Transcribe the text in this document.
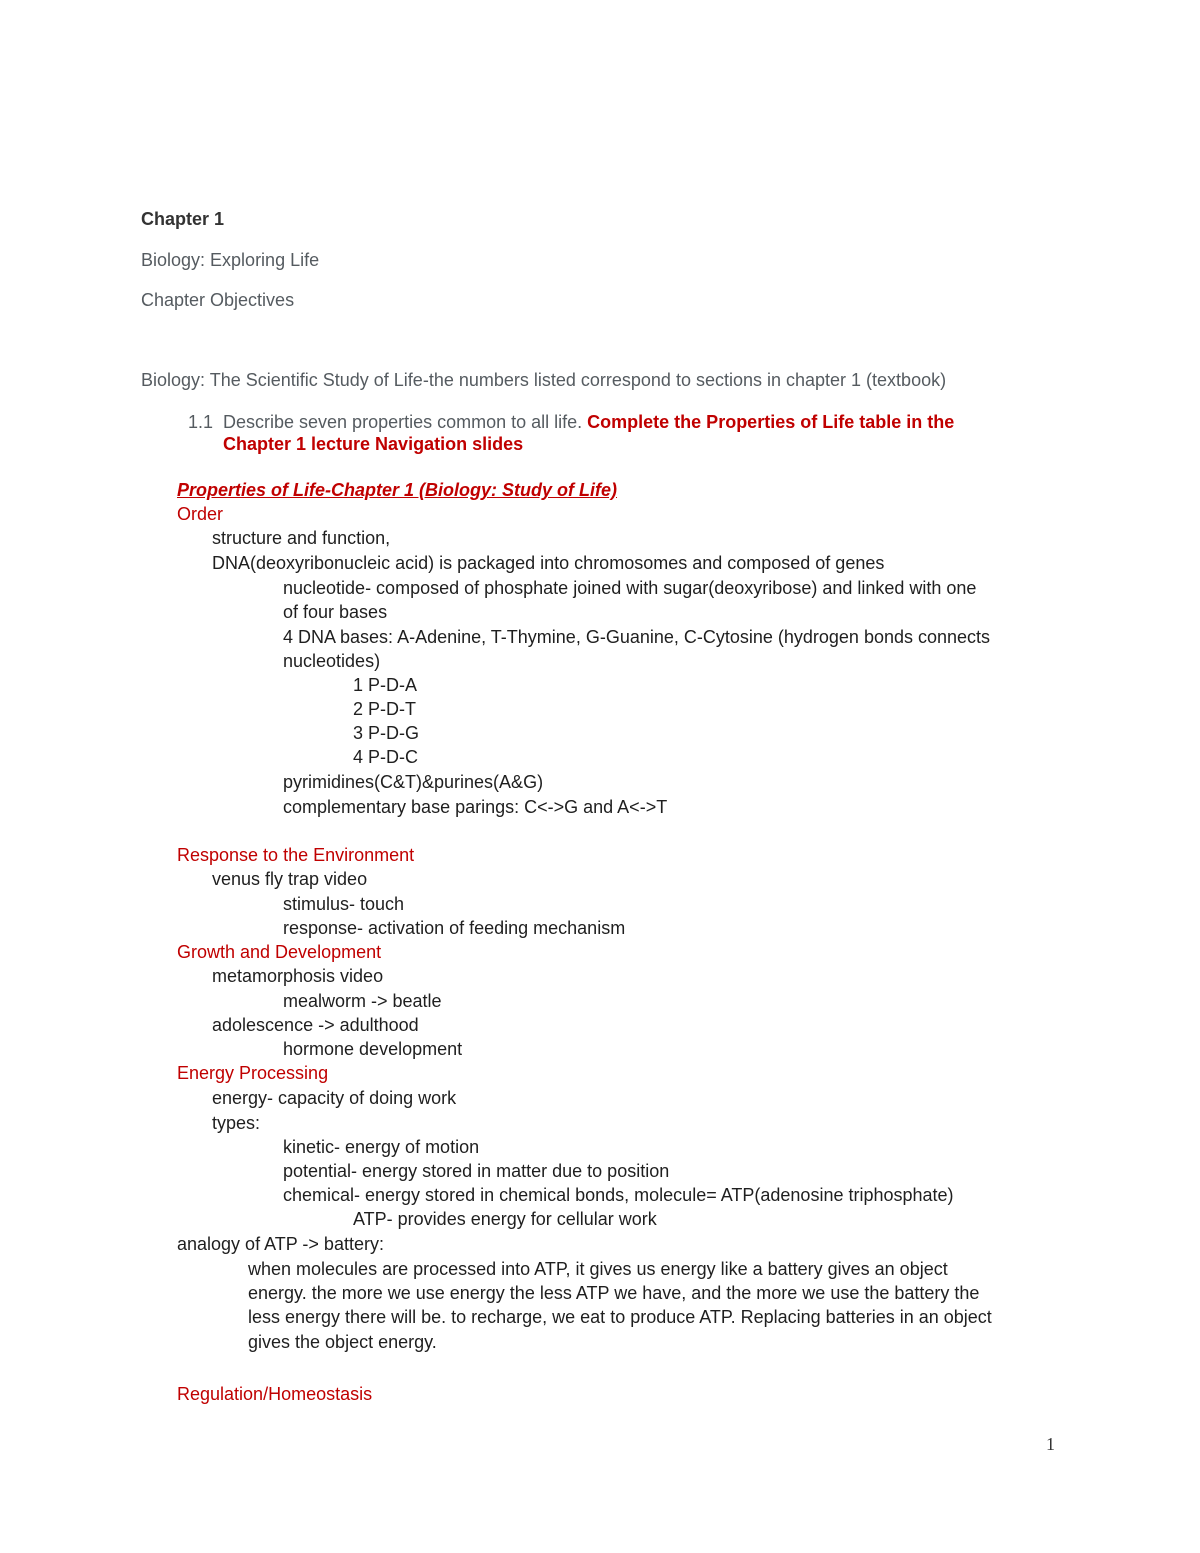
Chapter 1
Biology: Exploring Life
Chapter Objectives
Biology: The Scientific Study of Life-the numbers listed correspond to sections in chapter 1 (textbook)
1.1 Describe seven properties common to all life. Complete the Properties of Life table in the
Chapter 1 lecture Navigation slides
Properties of Life-Chapter 1 (Biology: Study of Life)
Order
structure and function,
DNA(deoxyribonucleic acid) is packaged into chromosomes and composed of genes
nucleotide- composed of phosphate joined with sugar(deoxyribose) and linked with one
of four bases
4 DNA bases: A-Adenine, T-Thymine, G-Guanine, C-Cytosine (hydrogen bonds connects
nucleotides)
1 P-D-A
2 P-D-T
3 P-D-G
4 P-D-C
pyrimidines(C&T)&purines(A&G)
complementary base parings: C<->G and A<->T
Response to the Environment
venus fly trap video
stimulus- touch
response- activation of feeding mechanism
Growth and Development
metamorphosis video
mealworm -> beatle
adolescence -> adulthood
hormone development
Energy Processing
energy- capacity of doing work
types:
kinetic- energy of motion
potential- energy stored in matter due to position
chemical- energy stored in chemical bonds, molecule= ATP(adenosine triphosphate)
ATP- provides energy for cellular work
analogy of ATP -> battery:
when molecules are processed into ATP, it gives us energy like a battery gives an object
energy. the more we use energy the less ATP we have, and the more we use the battery the
less energy there will be. to recharge, we eat to produce ATP. Replacing batteries in an object
gives the object energy.
Regulation/Homeostasis
1
